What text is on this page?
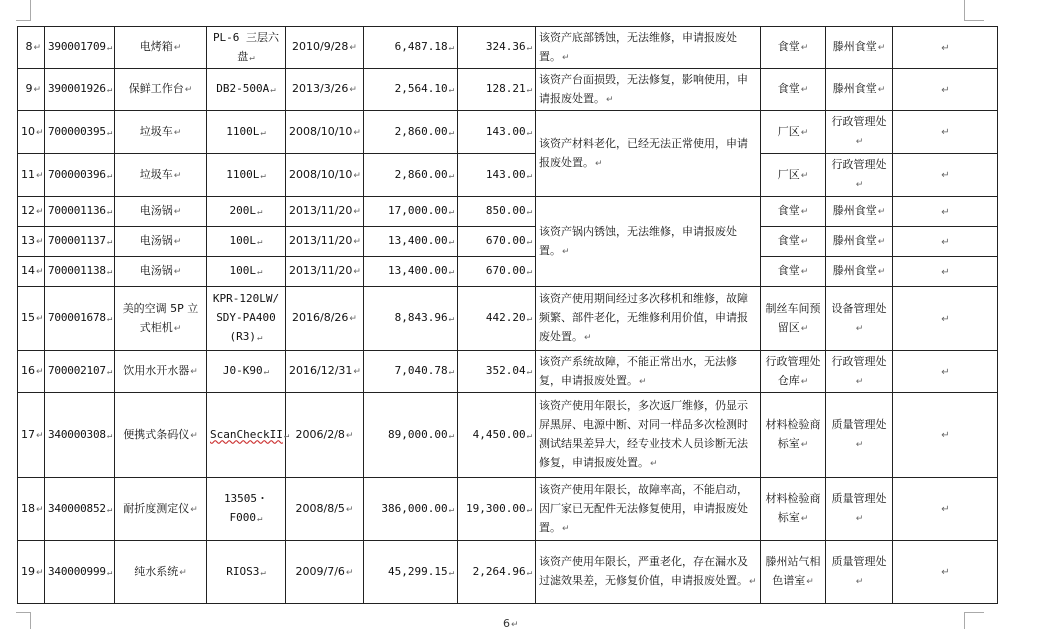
8↵	390001709↵	电烤箱↵	PL-6 三层六盘↵	2010/9/28↵	6,487.18↵	324.36↵	该资产底部锈蚀，无法维修，申请报废处置。↵	食堂↵	滕州食堂↵	↵
9↵	390001926↵	保鲜工作台↵	DB2-500A↵	2013/3/26↵	2,564.10↵	128.21↵	该资产台面损毁，无法修复，影响使用，申请报废处置。↵	食堂↵	滕州食堂↵	↵
10↵	700000395↵	垃圾车↵	1100L↵	2008/10/10↵	2,860.00↵	143.00↵	该资产材料老化，已经无法正常使用，申请报废处置。↵	厂区↵	行政管理处↵	↵
11↵	700000396↵	垃圾车↵	1100L↵	2008/10/10↵	2,860.00↵	143.00↵		厂区↵	行政管理处↵	↵
12↵	700001136↵	电汤锅↵	200L↵	2013/11/20↵	17,000.00↵	850.00↵	该资产锅内锈蚀，无法维修，申请报废处置。↵	食堂↵	滕州食堂↵	↵
13↵	700001137↵	电汤锅↵	100L↵	2013/11/20↵	13,400.00↵	670.00↵		食堂↵	滕州食堂↵	↵
14↵	700001138↵	电汤锅↵	100L↵	2013/11/20↵	13,400.00↵	670.00↵		食堂↵	滕州食堂↵	↵
15↵	700001678↵	美的空调 5P 立式柜机↵	KPR-120LW/SDY-PA400(R3)↵	2016/8/26↵	8,843.96↵	442.20↵	该资产使用期间经过多次移机和维修，故障频繁、部件老化，无维修利用价值，申请报废处置。↵	制丝车间预留区↵	设备管理处↵	↵
16↵	700002107↵	饮用水开水器↵	J0-K90↵	2016/12/31↵	7,040.78↵	352.04↵	该资产系统故障，不能正常出水，无法修复，申请报废处置。↵	行政管理处仓库↵	行政管理处↵	↵
17↵	340000308↵	便携式条码仪↵	ScanCheckII↵	2006/2/8↵	89,000.00↵	4,450.00↵	该资产使用年限长，多次返厂维修，仍显示屏黑屏、电源中断、对同一样品多次检测时测试结果差异大，经专业技术人员诊断无法修复，申请报废处置。↵	材料检验商标室↵	质量管理处↵	↵
18↵	340000852↵	耐折度测定仪↵	13505・F000↵	2008/8/5↵	386,000.00↵	19,300.00↵	该资产使用年限长，故障率高，不能启动，因厂家已无配件无法修复使用，申请报废处置。↵	材料检验商标室↵	质量管理处↵	↵
19↵	340000999↵	纯水系统↵	RIOS3↵	2009/7/6↵	45,299.15↵	2,264.96↵	该资产使用年限长，严重老化，存在漏水及过滤效果差，无修复价值，申请报废处置。↵	滕州站气相色谱室↵	质量管理处↵	↵
6↵
